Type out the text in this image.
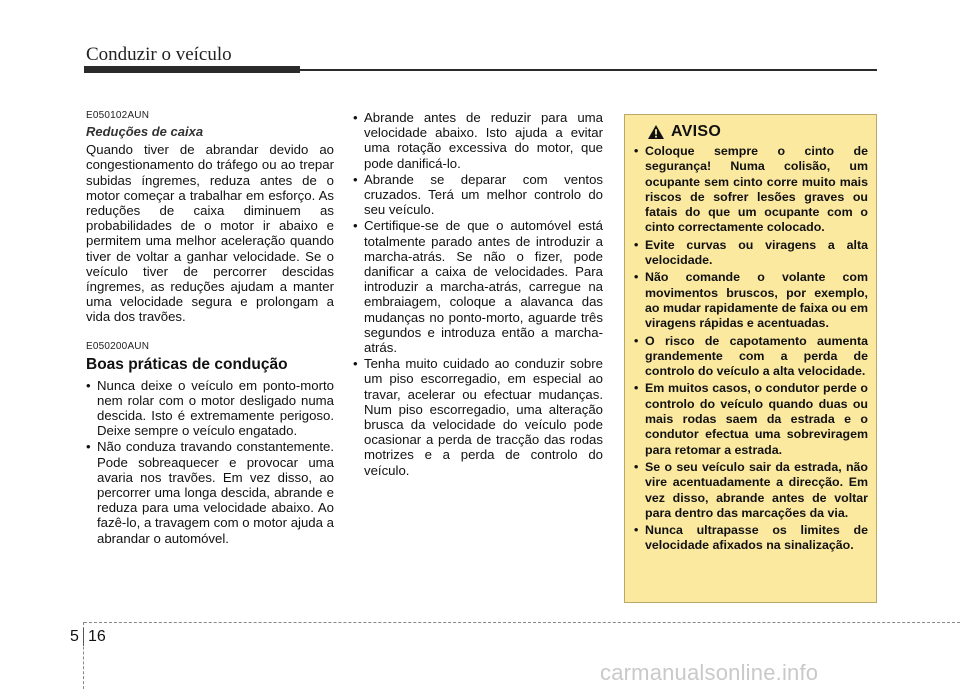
Conduzir o veículo
E050102AUN
Reduções de caixa

Quando tiver de abrandar devido ao congestionamento do tráfego ou ao trepar subidas íngremes, reduza antes de o motor começar a trabalhar em esforço. As reduções de caixa diminuem as probabilidades de o motor ir abaixo e permitem uma melhor aceleração quando tiver de voltar a ganhar velocidade. Se o veículo tiver de percorrer descidas íngremes, as reduções ajudam a manter uma velocidade segura e prolongam a vida dos travões.

E050200AUN
Boas práticas de condução
• Nunca deixe o veículo em ponto-morto nem rolar com o motor desligado numa descida. Isto é extremamente perigoso. Deixe sempre o veículo engatado.
• Não conduza travando constantemente. Pode sobreaquecer e provocar uma avaria nos travões. Em vez disso, ao percorrer uma longa descida, abrande e reduza para uma velocidade abaixo. Ao fazê-lo, a travagem com o motor ajuda a abrandar o automóvel.
• Abrande antes de reduzir para uma velocidade abaixo. Isto ajuda a evitar uma rotação excessiva do motor, que pode danificá-lo.
• Abrande se deparar com ventos cruzados. Terá um melhor controlo do seu veículo.
• Certifique-se de que o automóvel está totalmente parado antes de introduzir a marcha-atrás. Se não o fizer, pode danificar a caixa de velocidades. Para introduzir a marcha-atrás, carregue na embraiagem, coloque a alavanca das mudanças no ponto-morto, aguarde três segundos e introduza então a marcha-atrás.
• Tenha muito cuidado ao conduzir sobre um piso escorregadio, em especial ao travar, acelerar ou efectuar mudanças. Num piso escorregadio, uma alteração brusca da velocidade do veículo pode ocasionar a perda de tracção das rodas motrizes e a perda de controlo do veículo.
AVISO
• Coloque sempre o cinto de segurança! Numa colisão, um ocupante sem cinto corre muito mais riscos de sofrer lesões graves ou fatais do que um ocupante com o cinto correctamente colocado.
• Evite curvas ou viragens a alta velocidade.
• Não comande o volante com movimentos bruscos, por exemplo, ao mudar rapidamente de faixa ou em viragens rápidas e acentuadas.
• O risco de capotamento aumenta grandemente com a perda de controlo do veículo a alta velocidade.
• Em muitos casos, o condutor perde o controlo do veículo quando duas ou mais rodas saem da estrada e o condutor efectua uma sobreviragem para retomar a estrada.
• Se o seu veículo sair da estrada, não vire acentuadamente a direcção. Em vez disso, abrande antes de voltar para dentro das marcações da via.
• Nunca ultrapasse os limites de velocidade afixados na sinalização.
5 16
carmanualsonline.info
